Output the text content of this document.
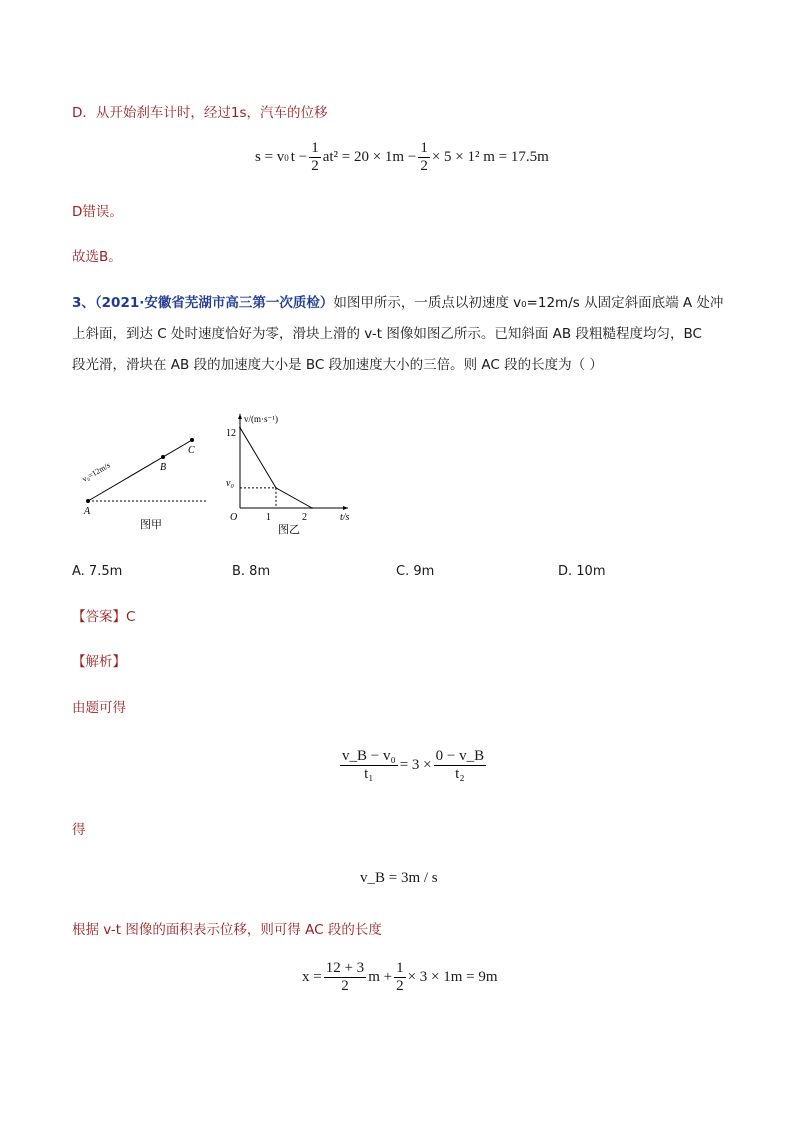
D．从开始刹车计时，经过1s，汽车的位移
s = v 0 $t - \frac{1}{2} at^2 = 20 \times 1m - \frac{1}{2} \times 5 \times 1^2$ m = 17.5m
D错误。
故选B。
3、（2021·安徽省芜湖市高三第一次质检）如图甲所示，一质点以初速度 v₀=12m/s 从固定斜面底端 A 处冲
上斜面，到达 C 处时速度恰好为零，滑块上滑的 v-t 图像如图乙所示。已知斜面 AB 段粗糙程度均匀，BC
段光滑，滑块在 AB 段的加速度大小是 BC 段加速度大小的三倍。则 AC 段的长度为（ ）
A
B
C
v₀=12m/s
图甲
v/(m·s⁻¹)
t/s
12
v₀
O	1	2
图乙
A. 7.5m	B. 8m	C. 9m	D. 10m
【答案】C
【解析】
由题可得
$\frac{\text{v\_B − v₀}}{\text{t₁}} = 3 \times \frac{0 - v\_B}{\text{t₂}}$
得
v_B = 3m / s
根据 v-t 图像的面积表示位移，则可得 AC 段的长度
$x = \frac{12 + 3}{2}$ $m + \frac{1}{2} \times 3 \times 1m = 9m$
